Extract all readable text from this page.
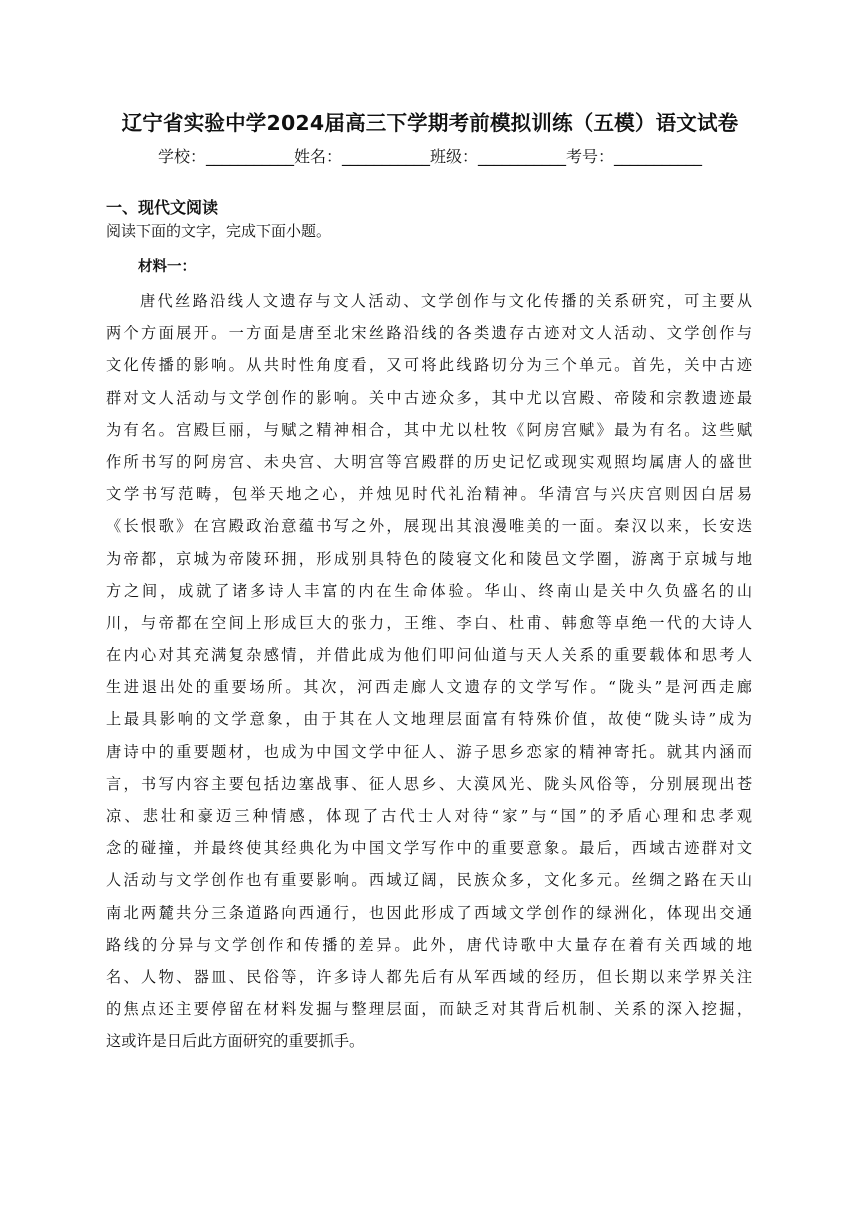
辽宁省实验中学2024届高三下学期考前模拟训练（五模）语文试卷
学校：___________姓名：___________班级：___________考号：___________
一、现代文阅读
阅读下面的文字，完成下面小题。
材料一：
唐代丝路沿线人文遗存与文人活动、文学创作与文化传播的关系研究，可主要从
两个方面展开。一方面是唐至北宋丝路沿线的各类遗存古迹对文人活动、文学创作与
文化传播的影响。从共时性角度看，又可将此线路切分为三个单元。首先，关中古迹
群对文人活动与文学创作的影响。关中古迹众多，其中尤以宫殿、帝陵和宗教遗迹最
为有名。宫殿巨丽，与赋之精神相合，其中尤以杜牧《阿房宫赋》最为有名。这些赋
作所书写的阿房宫、未央宫、大明宫等宫殿群的历史记忆或现实观照均属唐人的盛世
文学书写范畴，包举天地之心，并烛见时代礼治精神。华清宫与兴庆宫则因白居易
《长恨歌》在宫殿政治意蕴书写之外，展现出其浪漫唯美的一面。秦汉以来，长安迭
为帝都，京城为帝陵环拥，形成别具特色的陵寝文化和陵邑文学圈，游离于京城与地
方之间，成就了诸多诗人丰富的内在生命体验。华山、终南山是关中久负盛名的山
川，与帝都在空间上形成巨大的张力，王维、李白、杜甫、韩愈等卓绝一代的大诗人
在内心对其充满复杂感情，并借此成为他们叩问仙道与天人关系的重要载体和思考人
生进退出处的重要场所。其次，河西走廊人文遗存的文学写作。“陇头”是河西走廊
上最具影响的文学意象，由于其在人文地理层面富有特殊价值，故使“陇头诗”成为
唐诗中的重要题材，也成为中国文学中征人、游子思乡恋家的精神寄托。就其内涵而
言，书写内容主要包括边塞战事、征人思乡、大漠风光、陇头风俗等，分别展现出苍
凉、悲壮和豪迈三种情感，体现了古代士人对待“家”与“国”的矛盾心理和忠孝观
念的碰撞，并最终使其经典化为中国文学写作中的重要意象。最后，西域古迹群对文
人活动与文学创作也有重要影响。西域辽阔，民族众多，文化多元。丝绸之路在天山
南北两麓共分三条道路向西通行，也因此形成了西域文学创作的绿洲化，体现出交通
路线的分异与文学创作和传播的差异。此外，唐代诗歌中大量存在着有关西域的地
名、人物、器皿、民俗等，许多诗人都先后有从军西域的经历，但长期以来学界关注
的焦点还主要停留在材料发掘与整理层面，而缺乏对其背后机制、关系的深入挖掘，
这或许是日后此方面研究的重要抓手。
